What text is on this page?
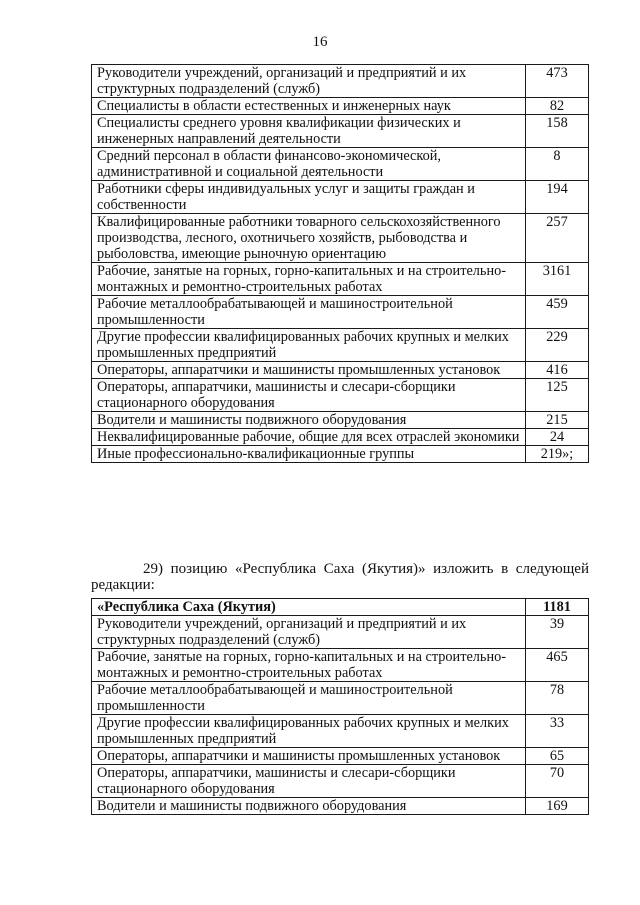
16
Руководители учреждений, организаций и предприятий и их структурных подразделений (служб)	473
Специалисты в области естественных и инженерных наук	82
Специалисты среднего уровня квалификации физических и инженерных направлений деятельности	158
Средний персонал в области финансово-экономической, административной и социальной деятельности	8
Работники сферы индивидуальных услуг и защиты граждан и собственности	194
Квалифицированные работники товарного сельскохозяйственного производства, лесного, охотничьего хозяйств, рыбоводства и рыболовства, имеющие рыночную ориентацию	257
Рабочие, занятые на горных, горно-капитальных и на строительно-монтажных и ремонтно-строительных работах	3161
Рабочие металлообрабатывающей и машиностроительной промышленности	459
Другие профессии квалифицированных рабочих крупных и мелких промышленных предприятий	229
Операторы, аппаратчики и машинисты промышленных установок	416
Операторы, аппаратчики, машинисты и слесари-сборщики стационарного оборудования	125
Водители и машинисты подвижного оборудования	215
Неквалифицированные рабочие, общие для всех отраслей экономики	24
Иные профессионально-квалификационные группы	219»;
29) позицию «Республика Саха (Якутия)» изложить в следующей редакции:
«Республика Саха (Якутия)	1181
Руководители учреждений, организаций и предприятий и их структурных подразделений (служб)	39
Рабочие, занятые на горных, горно-капитальных и на строительно-монтажных и ремонтно-строительных работах	465
Рабочие металлообрабатывающей и машиностроительной промышленности	78
Другие профессии квалифицированных рабочих крупных и мелких промышленных предприятий	33
Операторы, аппаратчики и машинисты промышленных установок	65
Операторы, аппаратчики, машинисты и слесари-сборщики стационарного оборудования	70
Водители и машинисты подвижного оборудования	169
